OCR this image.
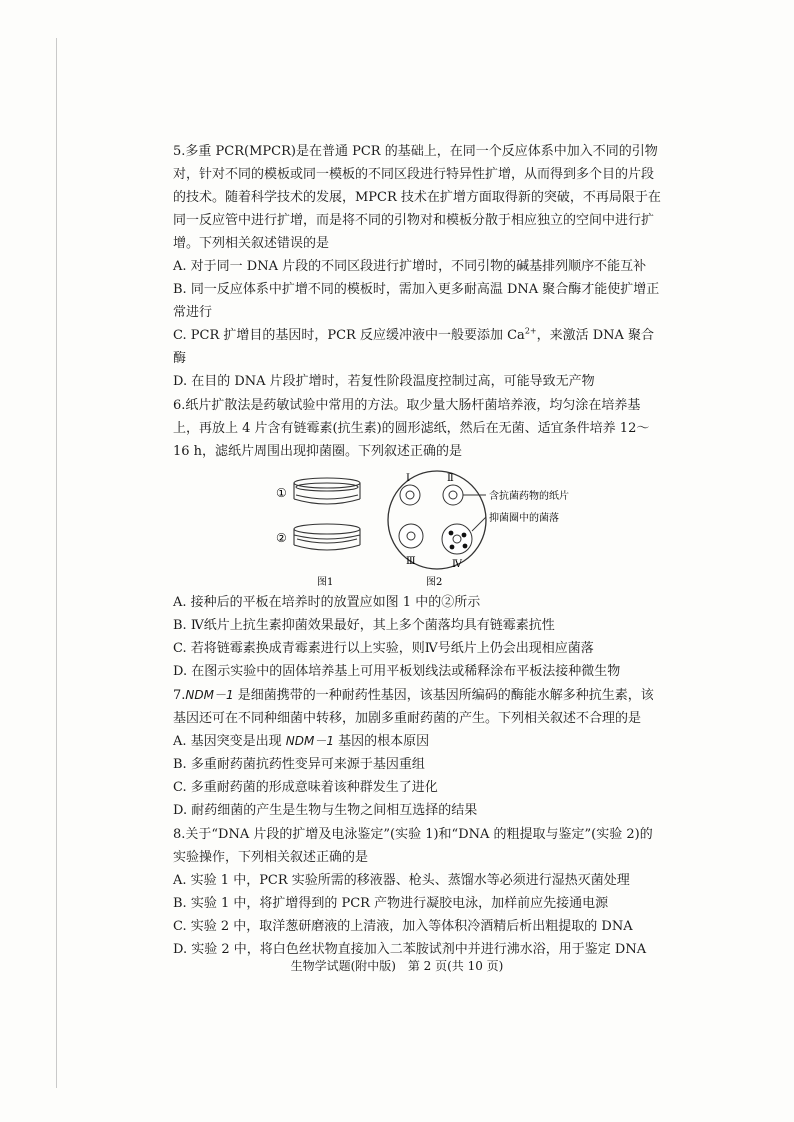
5.多重 PCR(MPCR)是在普通 PCR 的基础上，在同一个反应体系中加入不同的引物对，针对不同的模板或同一模板的不同区段进行特异性扩增，从而得到多个目的片段的技术。随着科学技术的发展，MPCR 技术在扩增方面取得新的突破，不再局限于在同一反应管中进行扩增，而是将不同的引物对和模板分散于相应独立的空间中进行扩增。下列相关叙述错误的是
A. 对于同一 DNA 片段的不同区段进行扩增时，不同引物的碱基排列顺序不能互补
B. 同一反应体系中扩增不同的模板时，需加入更多耐高温 DNA 聚合酶才能使扩增正常进行
C. PCR 扩增目的基因时，PCR 反应缓冲液中一般要添加 $Ca^{2+}$，来激活 DNA 聚合酶
D. 在目的 DNA 片段扩增时，若复性阶段温度控制过高，可能导致无产物
6.纸片扩散法是药敏试验中常用的方法。取少量大肠杆菌培养液，均匀涂在培养基上，再放上 4 片含有链霉素(抗生素)的圆形滤纸，然后在无菌、适宜条件培养 12～16 h，滤纸片周围出现抑菌圈。下列叙述正确的是
①
②
Ⅰ	Ⅱ
Ⅲ	Ⅳ
含抗菌药物的纸片
抑菌圈中的菌落
图1	图2
A. 接种后的平板在培养时的放置应如图 1 中的②所示
B. Ⅳ纸片上抗生素抑菌效果最好，其上多个菌落均具有链霉素抗性
C. 若将链霉素换成青霉素进行以上实验，则Ⅳ号纸片上仍会出现相应菌落
D. 在图示实验中的固体培养基上可用平板划线法或稀释涂布平板法接种微生物
7.NDM－1 是细菌携带的一种耐药性基因，该基因所编码的酶能水解多种抗生素，该基因还可在不同种细菌中转移，加剧多重耐药菌的产生。下列相关叙述不合理的是
A. 基因突变是出现 NDM－1 基因的根本原因
B. 多重耐药菌抗药性变异可来源于基因重组
C. 多重耐药菌的形成意味着该种群发生了进化
D. 耐药细菌的产生是生物与生物之间相互选择的结果
8.关于“DNA 片段的扩增及电泳鉴定”(实验 1)和“DNA 的粗提取与鉴定”(实验 2)的实验操作，下列相关叙述正确的是
A. 实验 1 中，PCR 实验所需的移液器、枪头、蒸馏水等必须进行湿热灭菌处理
B. 实验 1 中，将扩增得到的 PCR 产物进行凝胶电泳，加样前应先接通电源
C. 实验 2 中，取洋葱研磨液的上清液，加入等体积冷酒精后析出粗提取的 DNA
D. 实验 2 中，将白色丝状物直接加入二苯胺试剂中并进行沸水浴，用于鉴定 DNA
生物学试题(附中版) 第 2 页(共 10 页)
